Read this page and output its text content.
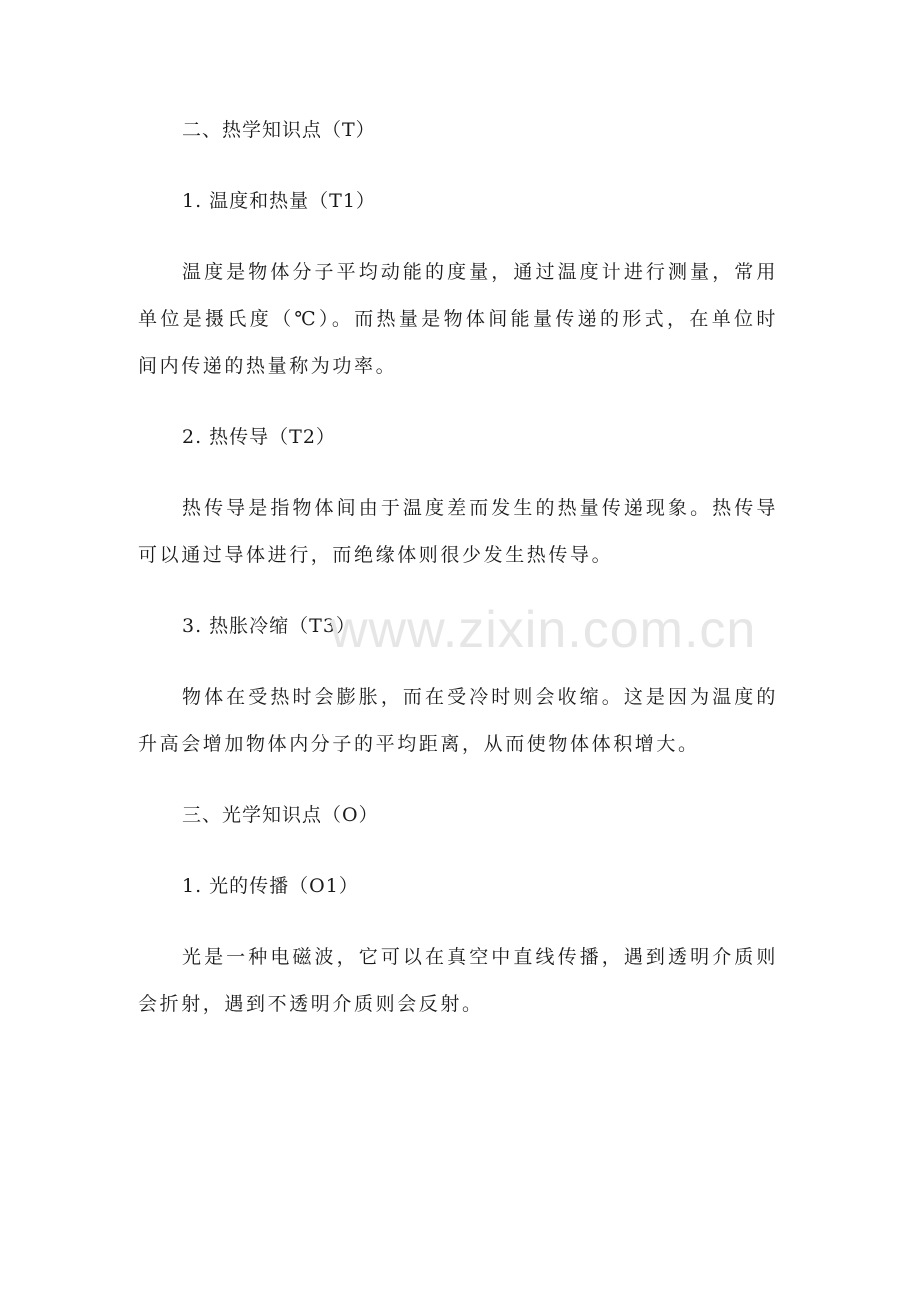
二、热学知识点（T）
1. 温度和热量（T1）
温度是物体分子平均动能的度量，通过温度计进行测量，常用单位是摄氏度（℃）。而热量是物体间能量传递的形式，在单位时间内传递的热量称为功率。
2. 热传导（T2）
热传导是指物体间由于温度差而发生的热量传递现象。热传导可以通过导体进行，而绝缘体则很少发生热传导。
3. 热胀冷缩（T3）
物体在受热时会膨胀，而在受冷时则会收缩。这是因为温度的升高会增加物体内分子的平均距离，从而使物体体积增大。
三、光学知识点（O）
1. 光的传播（O1）
光是一种电磁波，它可以在真空中直线传播，遇到透明介质则会折射，遇到不透明介质则会反射。
www.zixin.com.cn
